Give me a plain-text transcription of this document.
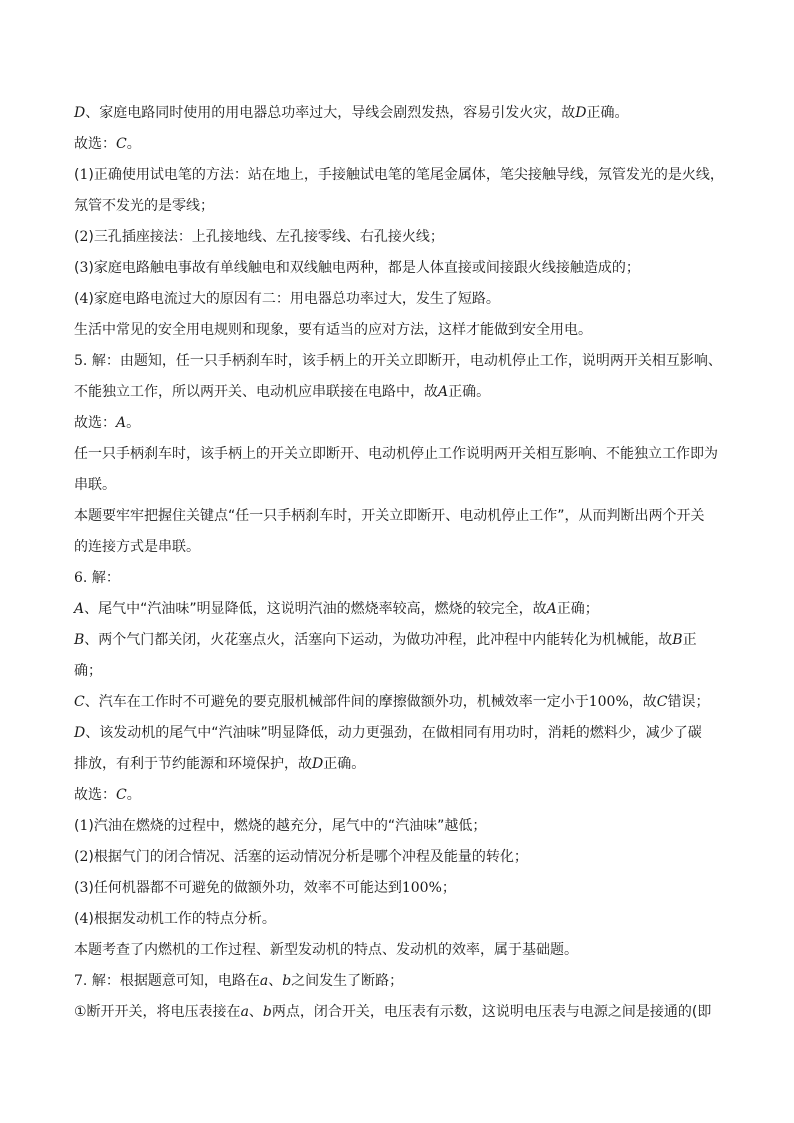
D、家庭电路同时使用的用电器总功率过大，导线会剧烈发热，容易引发火灾，故D正确。
故选：C。
(1)正确使用试电笔的方法：站在地上，手接触试电笔的笔尾金属体，笔尖接触导线，氖管发光的是火线，
氖管不发光的是零线；
(2)三孔插座接法：上孔接地线、左孔接零线、右孔接火线；
(3)家庭电路触电事故有单线触电和双线触电两种，都是人体直接或间接跟火线接触造成的；
(4)家庭电路电流过大的原因有二：用电器总功率过大，发生了短路。
生活中常见的安全用电规则和现象，要有适当的应对方法，这样才能做到安全用电。
5. 解：由题知，任一只手柄刹车时，该手柄上的开关立即断开，电动机停止工作，说明两开关相互影响、
不能独立工作，所以两开关、电动机应串联接在电路中，故A正确。
故选：A。
任一只手柄刹车时，该手柄上的开关立即断开、电动机停止工作说明两开关相互影响、不能独立工作即为
串联。
本题要牢牢把握住关键点“任一只手柄刹车时，开关立即断开、电动机停止工作”，从而判断出两个开关
的连接方式是串联。
6. 解：
A、尾气中“汽油味”明显降低，这说明汽油的燃烧率较高，燃烧的较完全，故A正确；
B、两个气门都关闭，火花塞点火，活塞向下运动，为做功冲程，此冲程中内能转化为机械能，故B正
确；
C、汽车在工作时不可避免的要克服机械部件间的摩擦做额外功，机械效率一定小于100%，故C错误；
D、该发动机的尾气中“汽油味”明显降低，动力更强劲，在做相同有用功时，消耗的燃料少，减少了碳
排放，有利于节约能源和环境保护，故D正确。
故选：C。
(1)汽油在燃烧的过程中，燃烧的越充分，尾气中的“汽油味”越低；
(2)根据气门的闭合情况、活塞的运动情况分析是哪个冲程及能量的转化；
(3)任何机器都不可避免的做额外功，效率不可能达到100%；
(4)根据发动机工作的特点分析。
本题考查了内燃机的工作过程、新型发动机的特点、发动机的效率，属于基础题。
7. 解：根据题意可知，电路在a、b之间发生了断路；
①断开开关，将电压表接在a、b两点，闭合开关，电压表有示数，这说明电压表与电源之间是接通的(即
